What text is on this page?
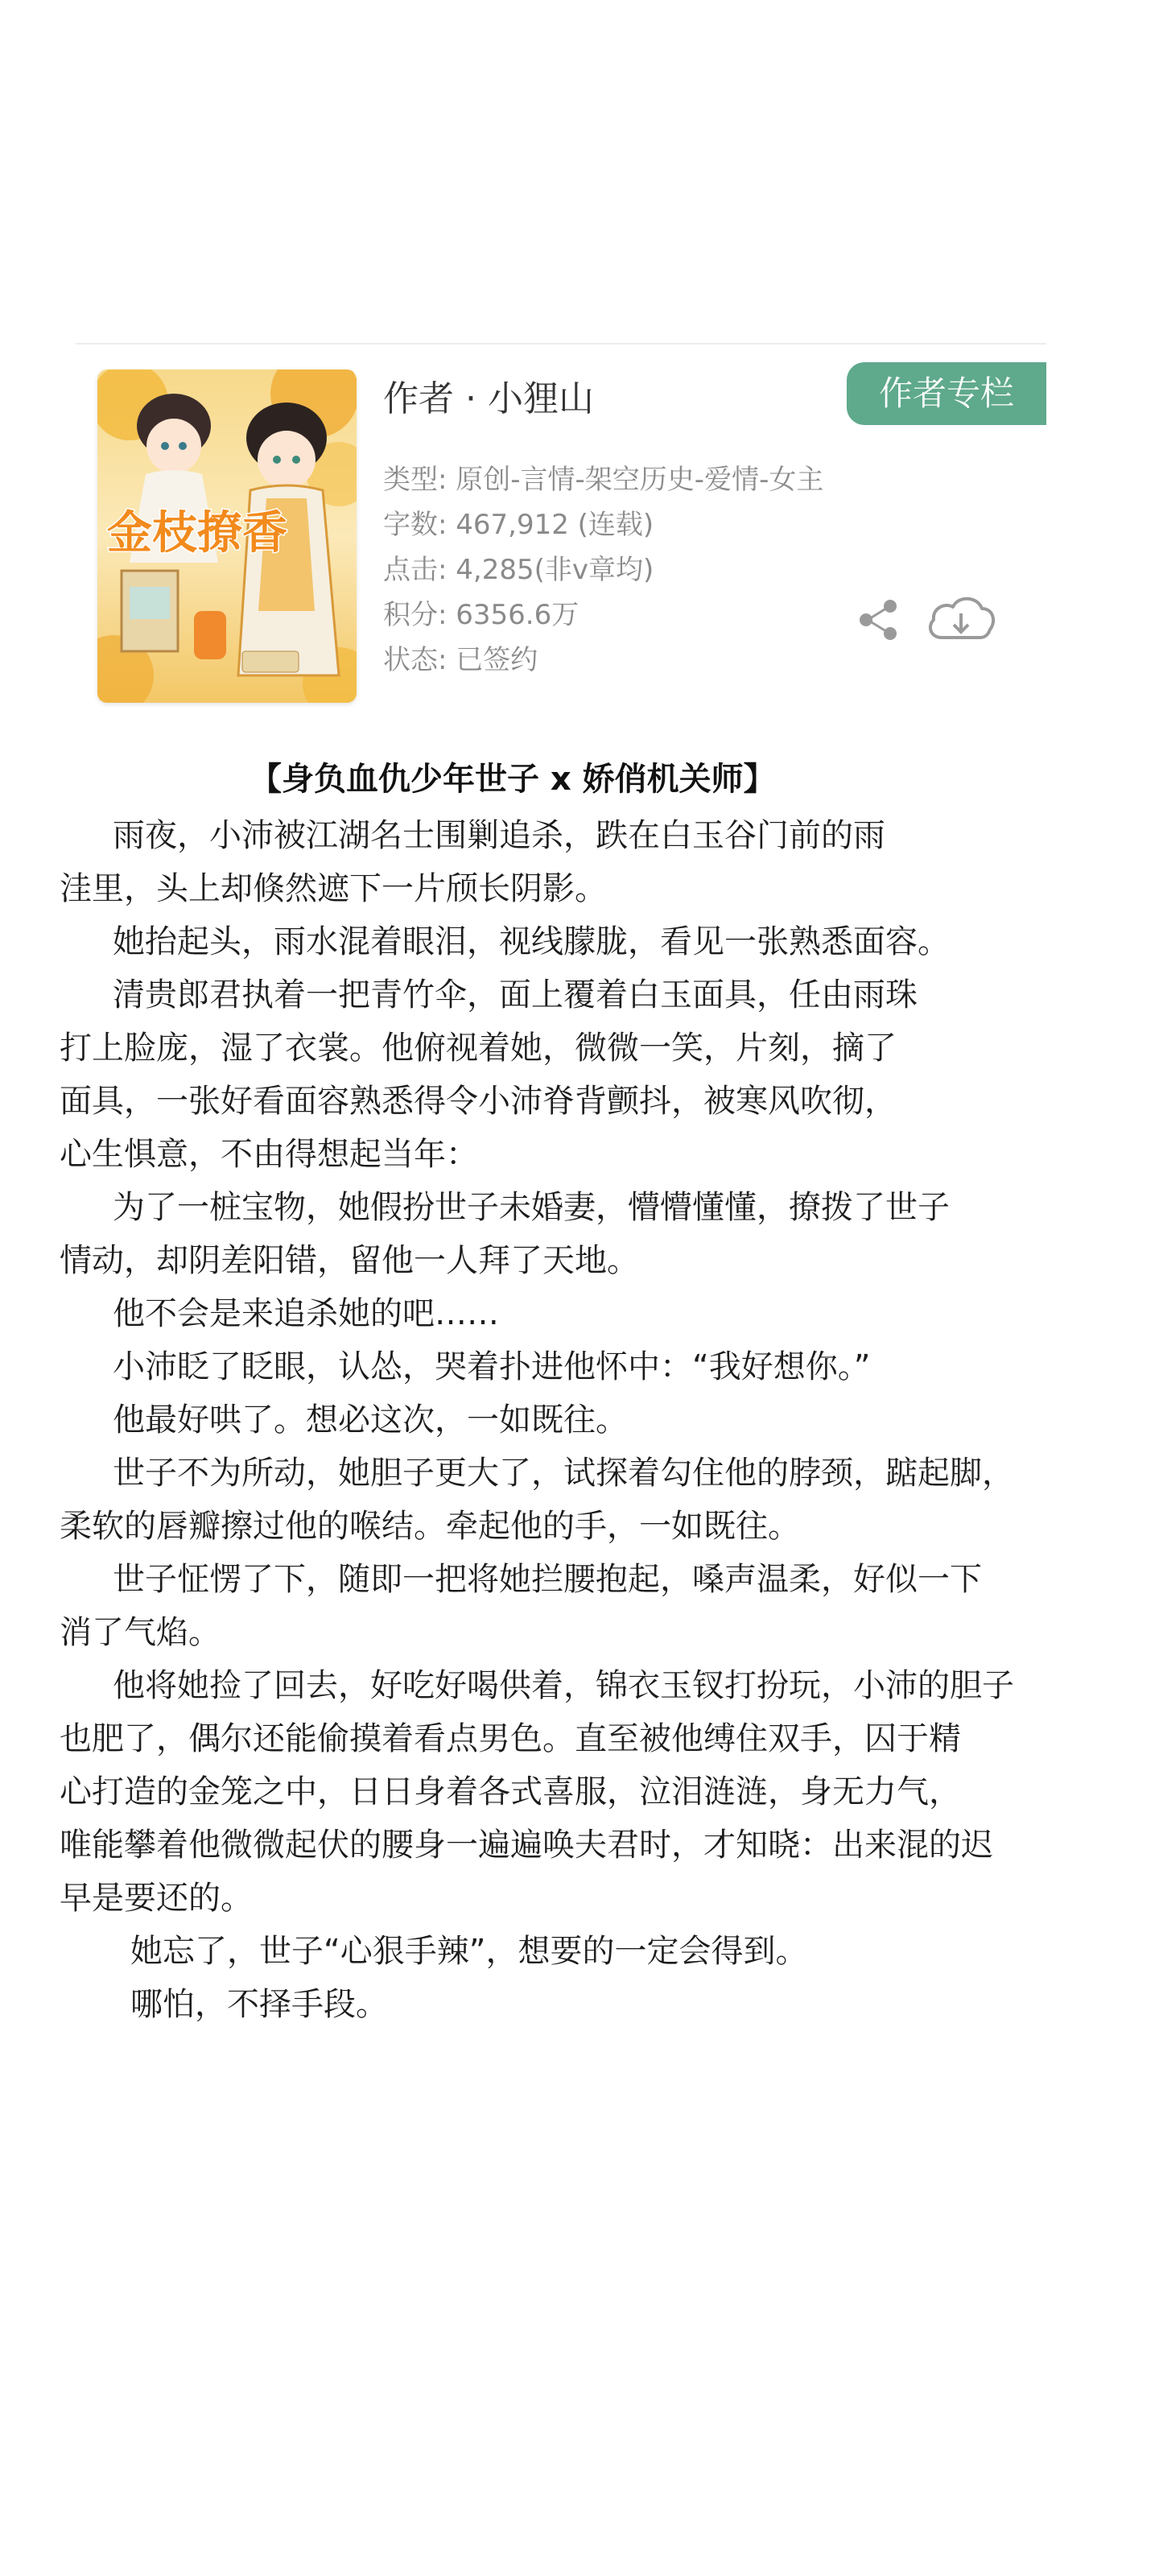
金枝撩香
作者 · 小狸山	作者专栏
类型: 原创-言情-架空历史-爱情-女主
字数: 467,912 (连载)
点击: 4,285(非v章均)
积分: 6356.6万
状态: 已签约
【身负血仇少年世子 x 娇俏机关师】
雨夜，小沛被江湖名士围剿追杀，跌在白玉谷门前的雨
洼里，头上却倏然遮下一片颀长阴影。
她抬起头，雨水混着眼泪，视线朦胧，看见一张熟悉面容。
清贵郎君执着一把青竹伞，面上覆着白玉面具，任由雨珠
打上脸庞，湿了衣裳。他俯视着她，微微一笑，片刻，摘了
面具，一张好看面容熟悉得令小沛脊背颤抖，被寒风吹彻，
心生惧意，不由得想起当年：
为了一桩宝物，她假扮世子未婚妻，懵懵懂懂，撩拨了世子
情动，却阴差阳错，留他一人拜了天地。
他不会是来追杀她的吧……
小沛眨了眨眼，认怂，哭着扑进他怀中：“我好想你。”
他最好哄了。想必这次，一如既往。
世子不为所动，她胆子更大了，试探着勾住他的脖颈，踮起脚，
柔软的唇瓣擦过他的喉结。牵起他的手，一如既往。
世子怔愣了下，随即一把将她拦腰抱起，嗓声温柔，好似一下
消了气焰。
他将她捡了回去，好吃好喝供着，锦衣玉钗打扮玩，小沛的胆子
也肥了，偶尔还能偷摸着看点男色。直至被他缚住双手，囚于精
心打造的金笼之中，日日身着各式喜服，泣泪涟涟，身无力气，
唯能攀着他微微起伏的腰身一遍遍唤夫君时，才知晓：出来混的迟
早是要还的。
她忘了，世子“心狠手辣”，想要的一定会得到。
哪怕，不择手段。
